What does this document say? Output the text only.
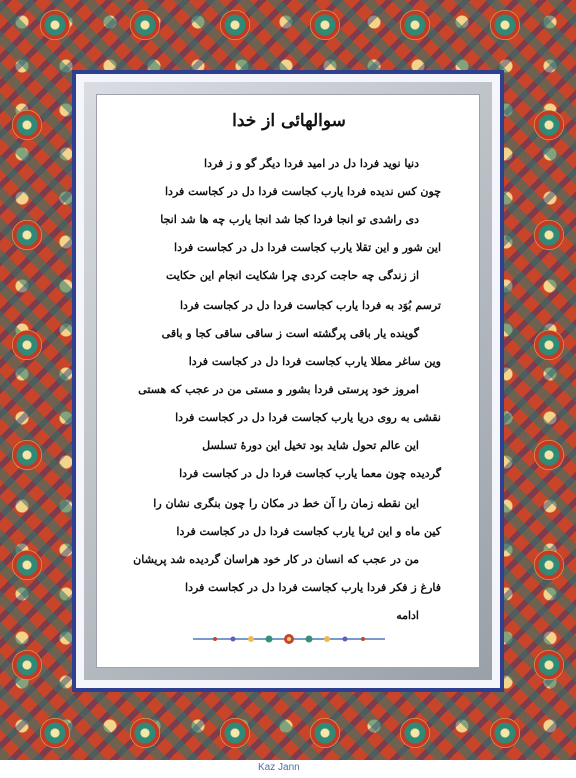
سوالهائی از خدا
دنیا نوید فردا دل در امید فردا دیگر گو و ز فردا
چون کس ندیده فردا یارب کجاست فردا دل در کجاست فردا
دی راشدی تو انجا فردا کجا شد انجا یارب چه ها شد انجا
این شور و این تقلا یارب کجاست فردا دل در کجاست فردا
از زندگی چه حاجت کردی چرا شکایت انجام این حکایت
ترسم بُوَد به فردا یارب کجاست فردا دل در کجاست فردا
گوینده یار باقی پرگشته است ز ساقی ساقی کجا و باقی
وین ساغر مطلا یارب کجاست فردا دل در کجاست فردا
امروز خود پرستی فردا بشور و مستی من در عجب که هستی
نقشی به روی دریا یارب کجاست فردا دل در کجاست فردا
این عالم تحول شاید بود تخیل این دورهٔ تسلسل
گردیده چون معما یارب کجاست فردا دل در کجاست فردا
این نقطه زمان را آن خط در مکان را چون بنگری نشان را
کین ماه و این ثریا یارب کجاست فردا دل در کجاست فردا
من در عجب که انسان در کار خود هراسان گردیده شد پریشان
فارغ ز فکر فردا یارب کجاست فردا دل در کجاست فردا
ادامه
Kaz Jann
